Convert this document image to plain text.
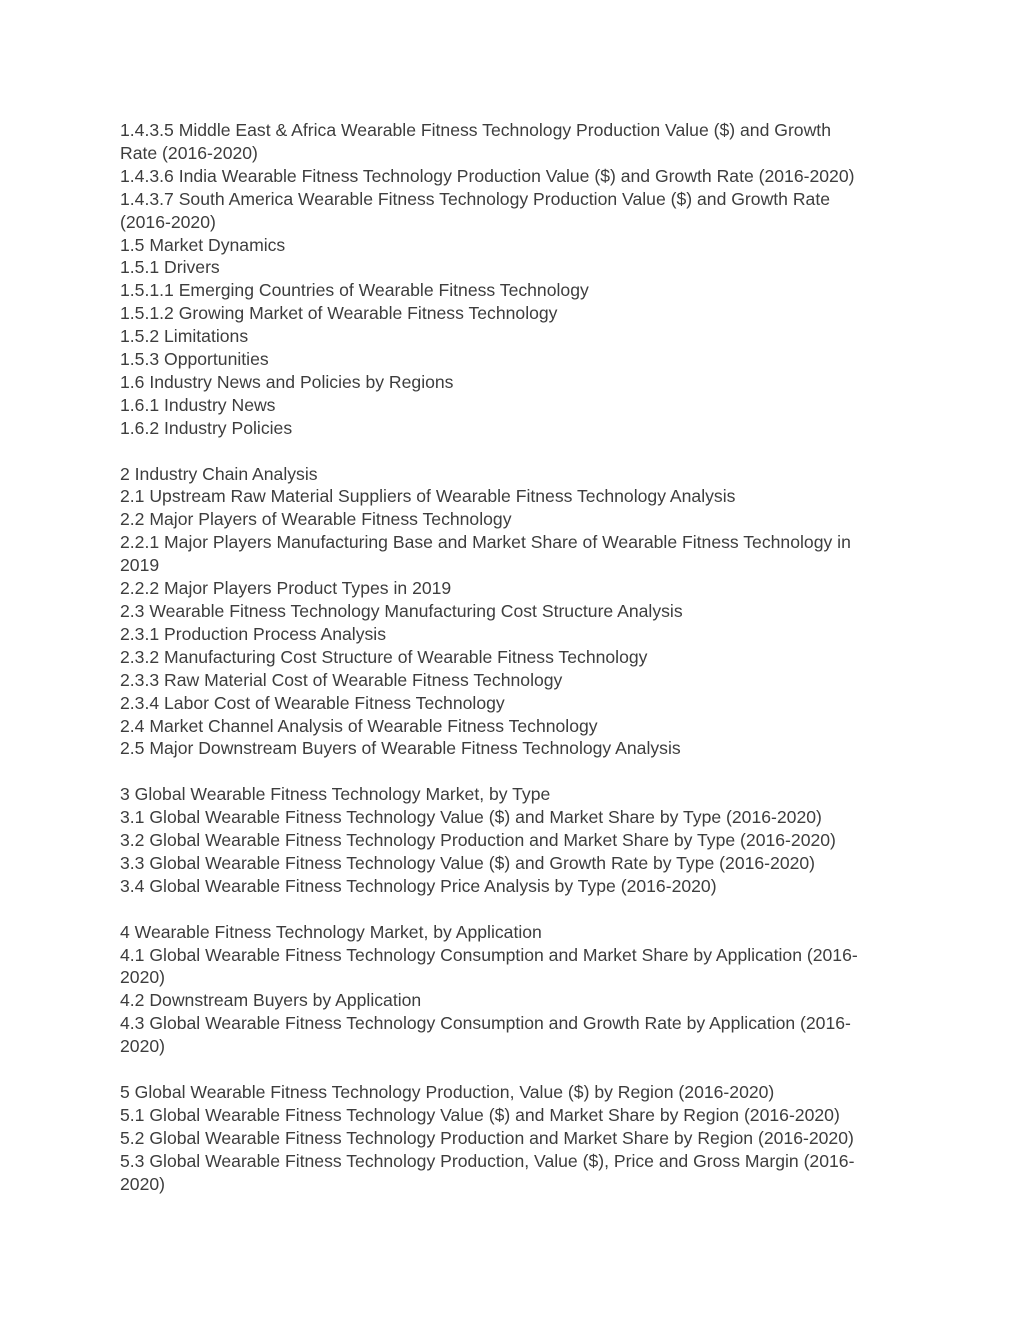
1.4.3.5 Middle East & Africa Wearable Fitness Technology Production Value ($) and Growth
Rate (2016-2020)
1.4.3.6 India Wearable Fitness Technology Production Value ($) and Growth Rate (2016-2020)
1.4.3.7 South America Wearable Fitness Technology Production Value ($) and Growth Rate
(2016-2020)
1.5 Market Dynamics
1.5.1 Drivers
1.5.1.1 Emerging Countries of Wearable Fitness Technology
1.5.1.2 Growing Market of Wearable Fitness Technology
1.5.2 Limitations
1.5.3 Opportunities
1.6 Industry News and Policies by Regions
1.6.1 Industry News
1.6.2 Industry Policies
2 Industry Chain Analysis
2.1 Upstream Raw Material Suppliers of Wearable Fitness Technology Analysis
2.2 Major Players of Wearable Fitness Technology
2.2.1 Major Players Manufacturing Base and Market Share of Wearable Fitness Technology in
2019
2.2.2 Major Players Product Types in 2019
2.3 Wearable Fitness Technology Manufacturing Cost Structure Analysis
2.3.1 Production Process Analysis
2.3.2 Manufacturing Cost Structure of Wearable Fitness Technology
2.3.3 Raw Material Cost of Wearable Fitness Technology
2.3.4 Labor Cost of Wearable Fitness Technology
2.4 Market Channel Analysis of Wearable Fitness Technology
2.5 Major Downstream Buyers of Wearable Fitness Technology Analysis
3 Global Wearable Fitness Technology Market, by Type
3.1 Global Wearable Fitness Technology Value ($) and Market Share by Type (2016-2020)
3.2 Global Wearable Fitness Technology Production and Market Share by Type (2016-2020)
3.3 Global Wearable Fitness Technology Value ($) and Growth Rate by Type (2016-2020)
3.4 Global Wearable Fitness Technology Price Analysis by Type (2016-2020)
4 Wearable Fitness Technology Market, by Application
4.1 Global Wearable Fitness Technology Consumption and Market Share by Application (2016-
2020)
4.2 Downstream Buyers by Application
4.3 Global Wearable Fitness Technology Consumption and Growth Rate by Application (2016-
2020)
5 Global Wearable Fitness Technology Production, Value ($) by Region (2016-2020)
5.1 Global Wearable Fitness Technology Value ($) and Market Share by Region (2016-2020)
5.2 Global Wearable Fitness Technology Production and Market Share by Region (2016-2020)
5.3 Global Wearable Fitness Technology Production, Value ($), Price and Gross Margin (2016-
2020)
